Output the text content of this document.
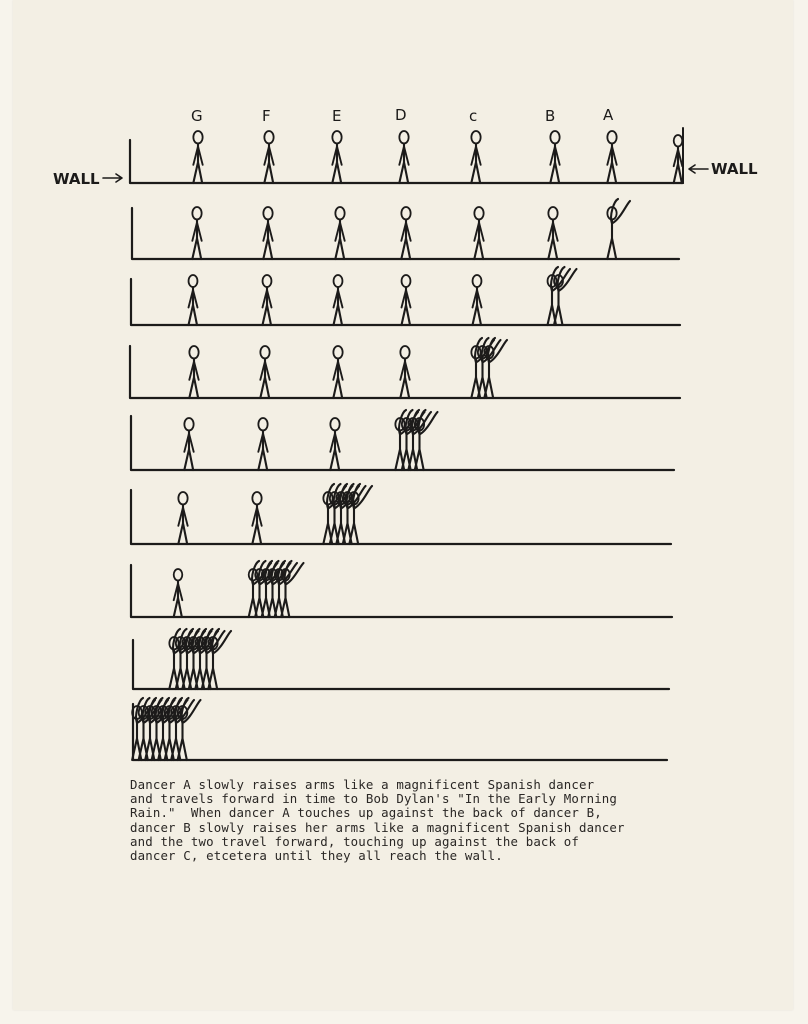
WALL
WALL
G	F	E	D	c	B	A
Dancer A slowly raises arms like a magnificent Spanish dancer
and travels forward in time to Bob Dylan's "In the Early Morning
Rain."  When dancer A touches up against the back of dancer B,
dancer B slowly raises her arms like a magnificent Spanish dancer
and the two travel forward, touching up against the back of
dancer C, etcetera until they all reach the wall.
